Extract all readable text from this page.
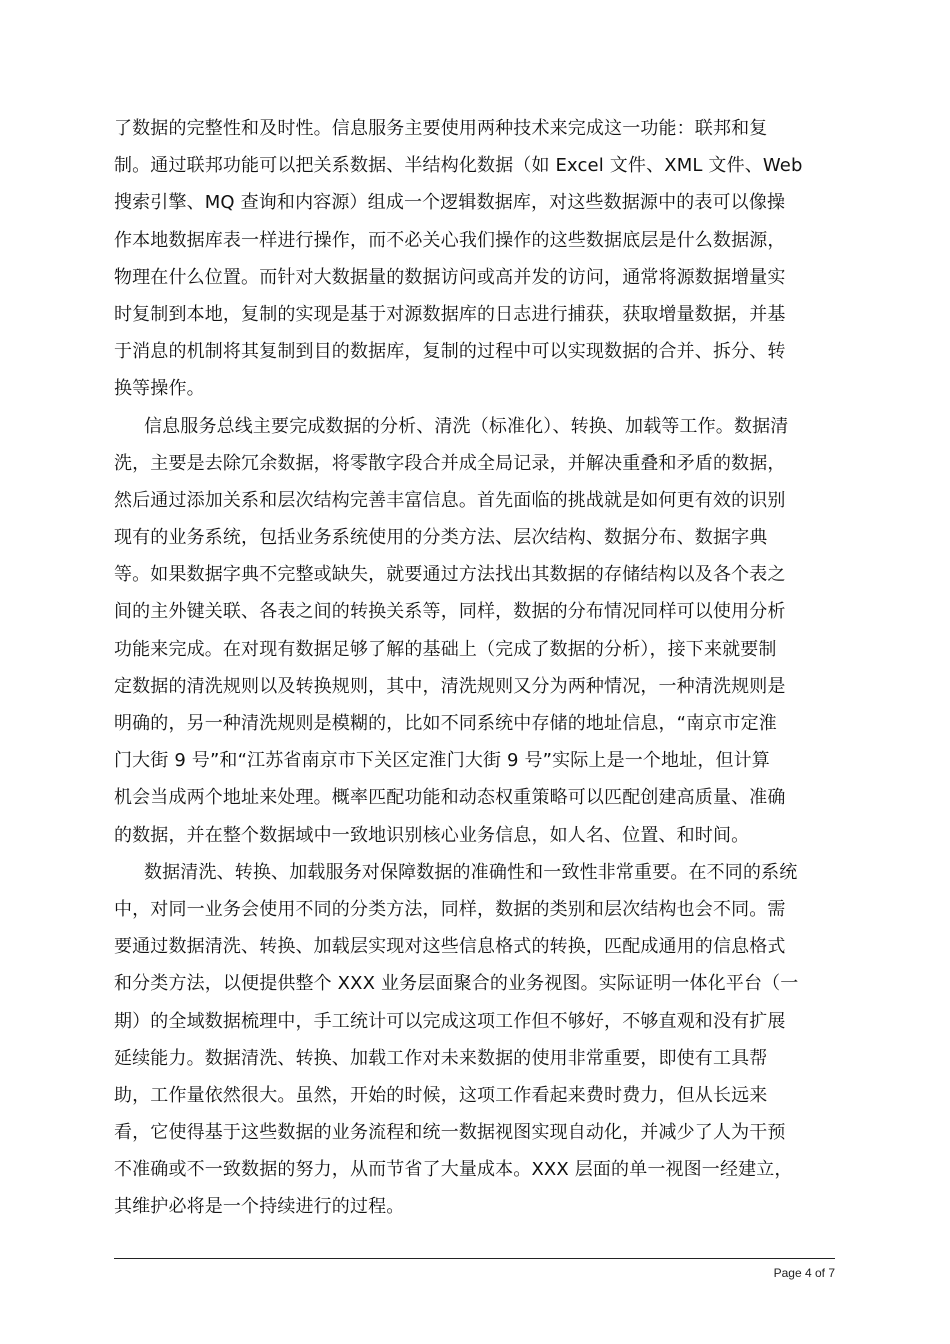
了数据的完整性和及时性。信息服务主要使用两种技术来完成这一功能：联邦和复
制。通过联邦功能可以把关系数据、半结构化数据（如 Excel 文件、XML 文件、Web
搜索引擎、MQ 查询和内容源）组成一个逻辑数据库，对这些数据源中的表可以像操
作本地数据库表一样进行操作，而不必关心我们操作的这些数据底层是什么数据源，
物理在什么位置。而针对大数据量的数据访问或高并发的访问，通常将源数据增量实
时复制到本地，复制的实现是基于对源数据库的日志进行捕获，获取增量数据，并基
于消息的机制将其复制到目的数据库，复制的过程中可以实现数据的合并、拆分、转
换等操作。
信息服务总线主要完成数据的分析、清洗（标准化）、转换、加载等工作。数据清
洗，主要是去除冗余数据，将零散字段合并成全局记录，并解决重叠和矛盾的数据，
然后通过添加关系和层次结构完善丰富信息。首先面临的挑战就是如何更有效的识别
现有的业务系统，包括业务系统使用的分类方法、层次结构、数据分布、数据字典
等。如果数据字典不完整或缺失，就要通过方法找出其数据的存储结构以及各个表之
间的主外键关联、各表之间的转换关系等，同样，数据的分布情况同样可以使用分析
功能来完成。在对现有数据足够了解的基础上（完成了数据的分析），接下来就要制
定数据的清洗规则以及转换规则，其中，清洗规则又分为两种情况，一种清洗规则是
明确的，另一种清洗规则是模糊的，比如不同系统中存储的地址信息，“南京市定淮
门大街 9 号”和“江苏省南京市下关区定淮门大街 9 号”实际上是一个地址，但计算
机会当成两个地址来处理。概率匹配功能和动态权重策略可以匹配创建高质量、准确
的数据，并在整个数据域中一致地识别核心业务信息，如人名、位置、和时间。
数据清洗、转换、加载服务对保障数据的准确性和一致性非常重要。在不同的系统
中，对同一业务会使用不同的分类方法，同样，数据的类别和层次结构也会不同。需
要通过数据清洗、转换、加载层实现对这些信息格式的转换，匹配成通用的信息格式
和分类方法，以便提供整个 XXX 业务层面聚合的业务视图。实际证明一体化平台（一
期）的全域数据梳理中，手工统计可以完成这项工作但不够好，不够直观和没有扩展
延续能力。数据清洗、转换、加载工作对未来数据的使用非常重要，即使有工具帮
助，工作量依然很大。虽然，开始的时候，这项工作看起来费时费力，但从长远来
看，它使得基于这些数据的业务流程和统一数据视图实现自动化，并减少了人为干预
不准确或不一致数据的努力，从而节省了大量成本。XXX 层面的单一视图一经建立，
其维护必将是一个持续进行的过程。
Page 4 of 7
